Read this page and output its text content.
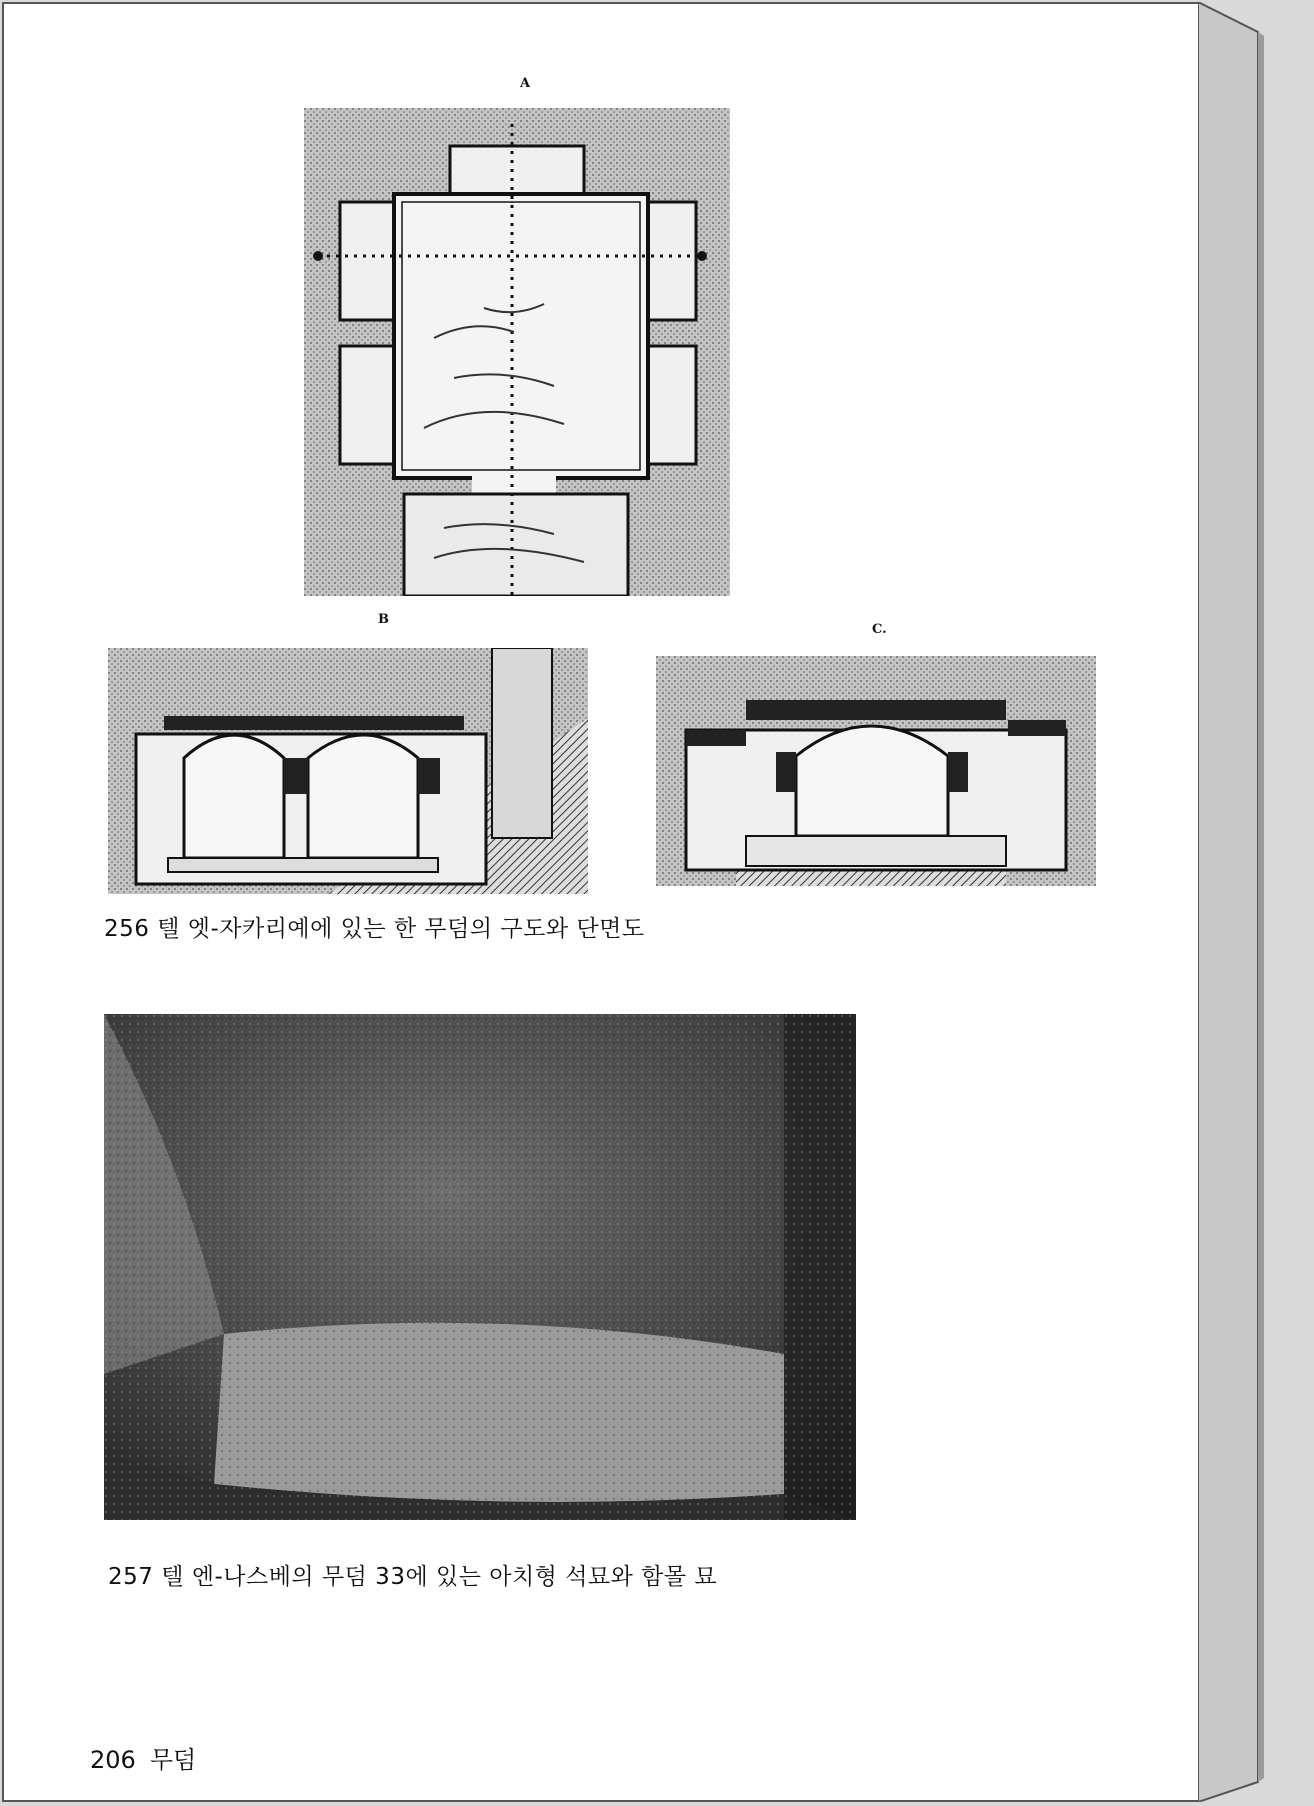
A
B
C.
256 텔 엣-자카리예에 있는 한 무덤의 구도와 단면도
257 텔 엔-나스베의 무덤 33에 있는 아치형 석묘와 함몰 묘
206 무덤
